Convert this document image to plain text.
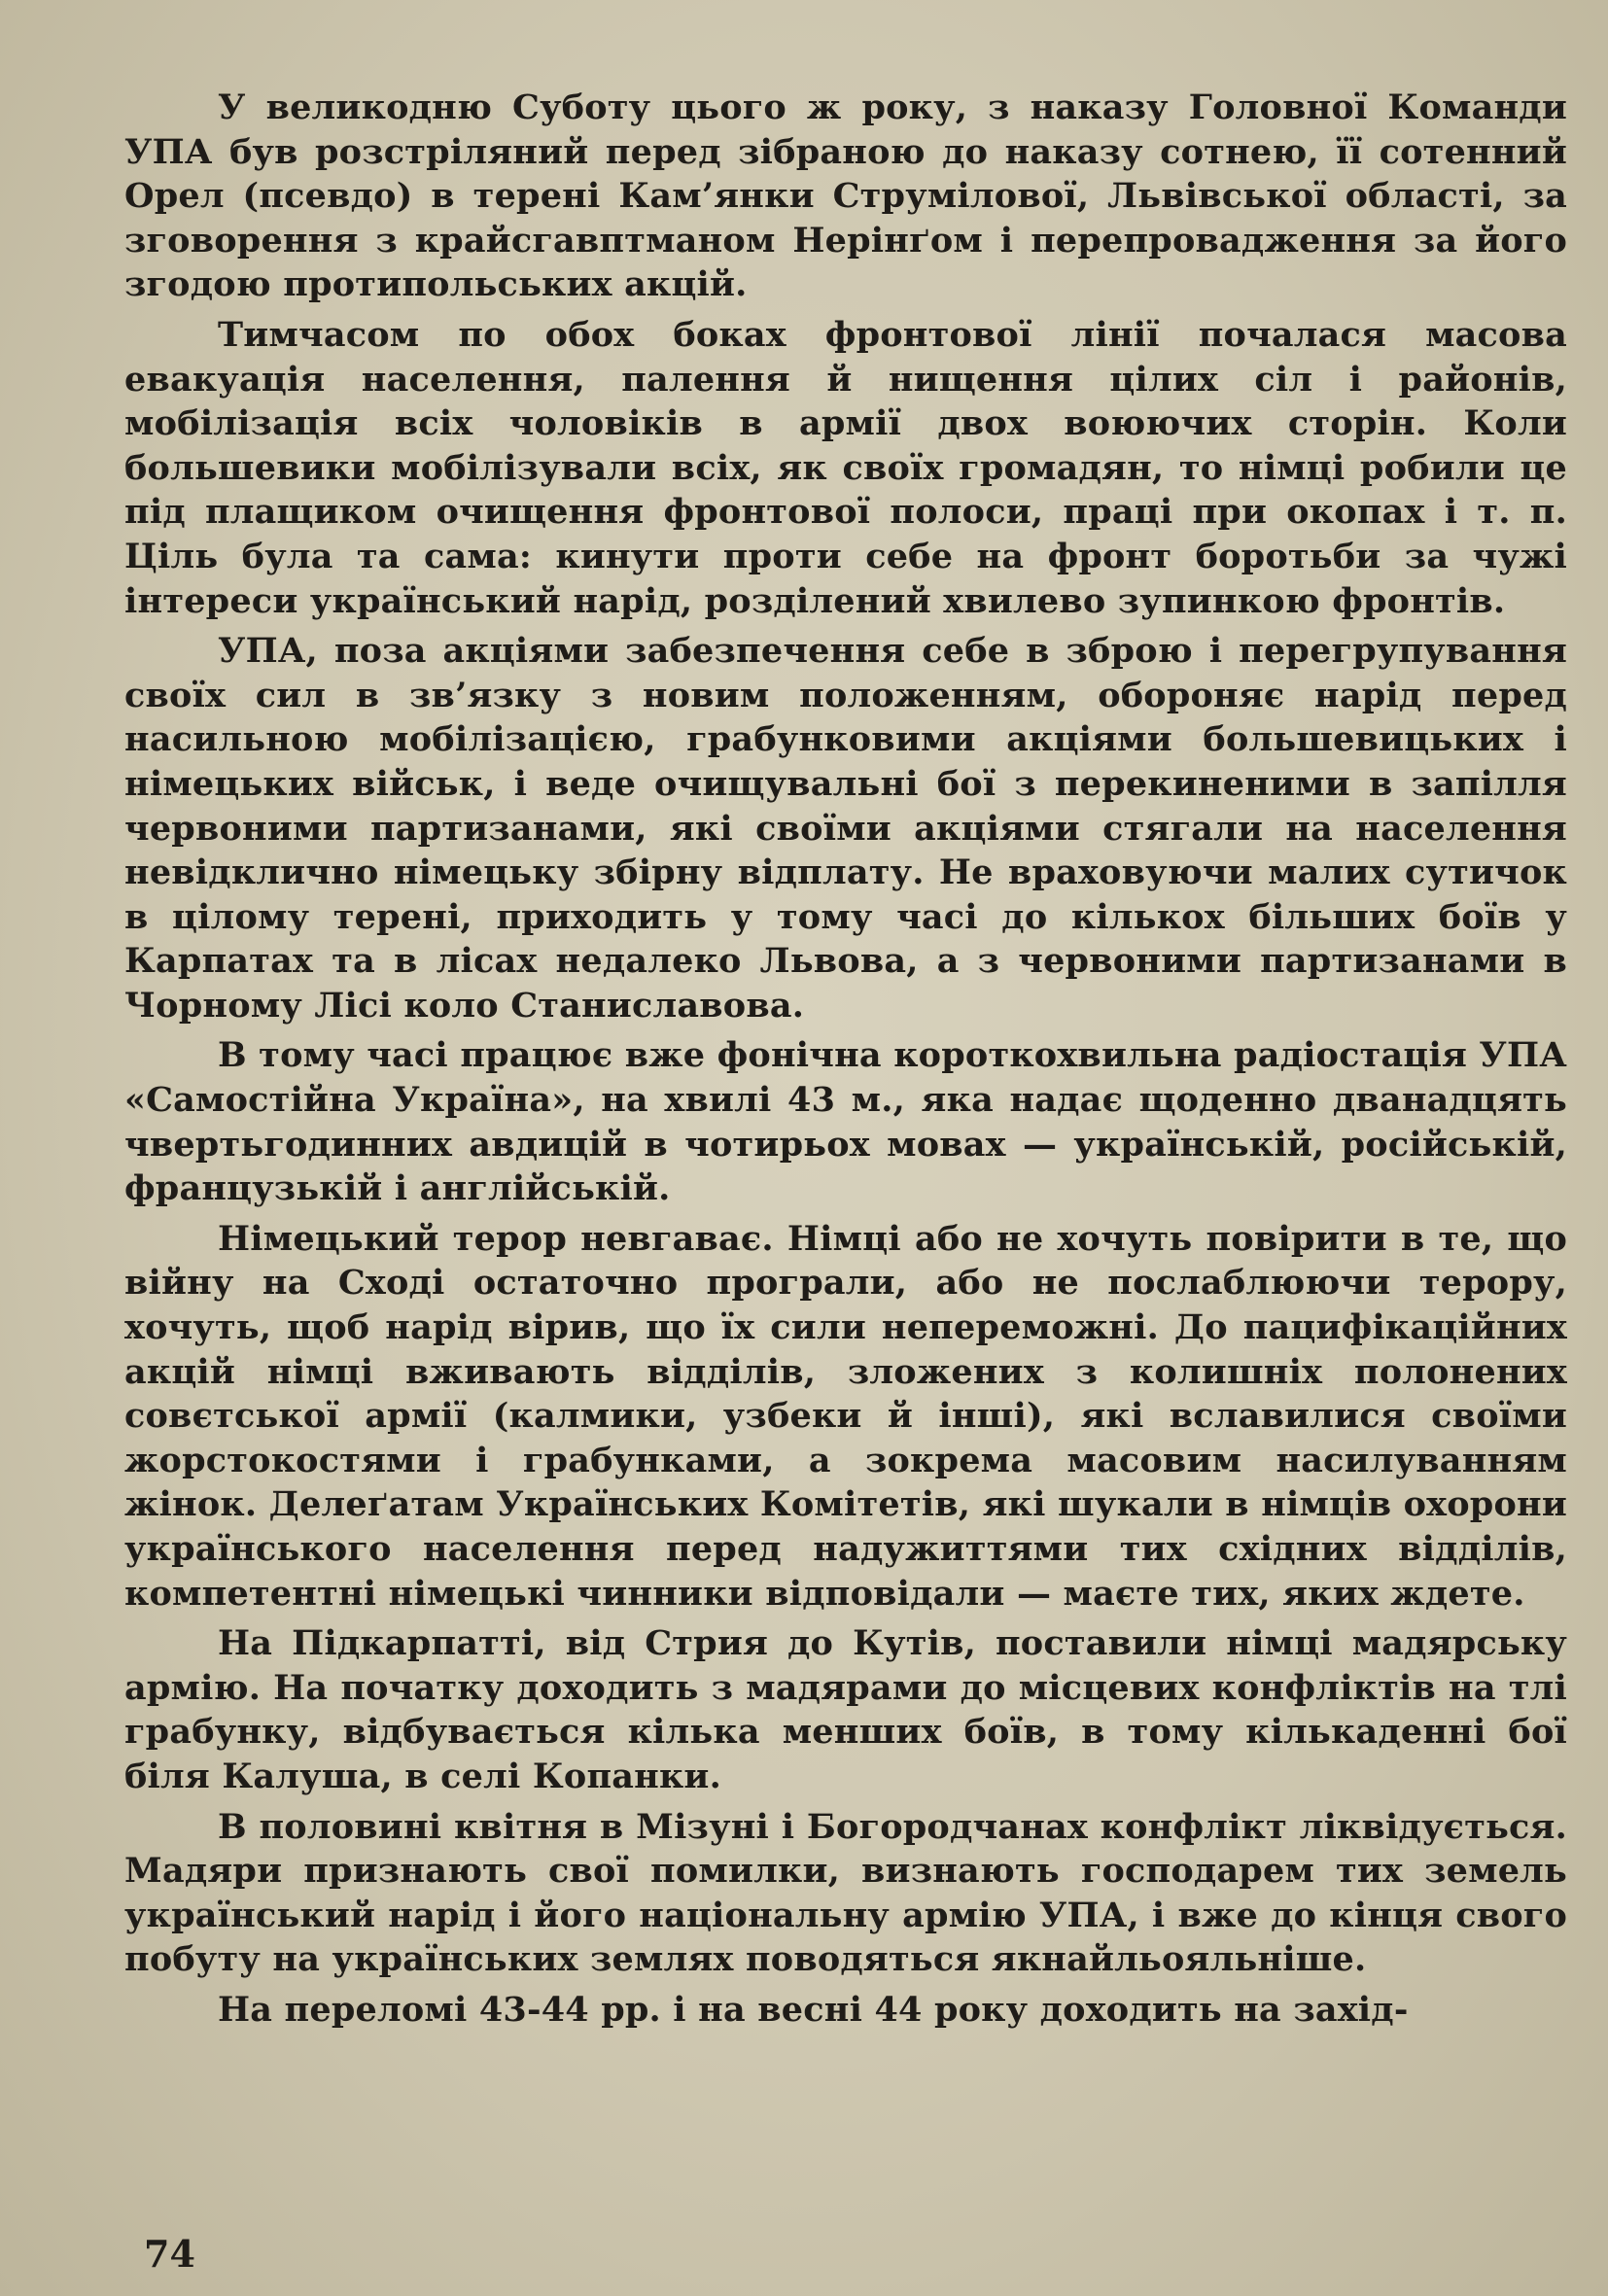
У великодню Суботу цього ж року, з наказу Головної Команди УПА був розстріляний перед зібраною до наказу сотнею, її сотенний Орел (псевдо) в терені Кам’янки Струмілової, Львівської області, за зговорення з крайсгавптманом Нерінґом і перепровадження за його згодою протипольських акцій.

Тимчасом по обох боках фронтової лінії почалася масова евакуація населення, палення й нищення цілих сіл і районів, мобілізація всіх чоловіків в армії двох воюючих сторін. Коли большевики мобілізували всіх, як своїх громадян, то німці робили це під плащиком очищення фронтової полоси, праці при окопах і т. п. Ціль була та сама: кинути проти себе на фронт боротьби за чужі інтереси український нарід, розділений хвилево зупинкою фронтів.

УПА, поза акціями забезпечення себе в зброю і перегрупування своїх сил в зв’язку з новим положенням, обороняє нарід перед насильною мобілізацією, грабунковими акціями большевицьких і німецьких військ, і веде очищувальні бої з перекиненими в запілля червоними партизанами, які своїми акціями стягали на населення невідклично німецьку збірну відплату. Не враховуючи малих сутичок в цілому терені, приходить у тому часі до кількох більших боїв у Карпатах та в лісах недалеко Львова, а з червоними партизанами в Чорному Лісі коло Станиславова.

В тому часі працює вже фонічна короткохвильна радіостація УПА «Самостійна Україна», на хвилі 43 м., яка надає щоденно дванадцять чвертьгодинних авдицій в чотирьох мовах — українській, російській, французькій і англійській.

Німецький терор невгаває. Німці або не хочуть повірити в те, що війну на Сході остаточно програли, або не послаблюючи терору, хочуть, щоб нарід вірив, що їх сили непереможні. До пацифікаційних акцій німці вживають відділів, зложених з колишніх полонених совєтської армії (калмики, узбеки й інші), які вславилися своїми жорстокостями і грабунками, а зокрема масовим насилуванням жінок. Делеґатам Українських Комітетів, які шукали в німців охорони українського населення перед надужиттями тих східних відділів, компетентні німецькі чинники відповідали — маєте тих, яких ждете.

На Підкарпатті, від Стрия до Кутів, поставили німці мадярську армію. На початку доходить з мадярами до місцевих конфліктів на тлі грабунку, відбувається кілька менших боїв, в тому кількаденні бої біля Калуша, в селі Копанки.

В половині квітня в Мізуні і Богородчанах конфлікт ліквідується. Мадяри признають свої помилки, визнають господарем тих земель український нарід і його національну армію УПА, і вже до кінця свого побуту на українських землях поводяться якнайльояльніше.

На переломі 43-44 рр. і на весні 44 року доходить на захід-

74
